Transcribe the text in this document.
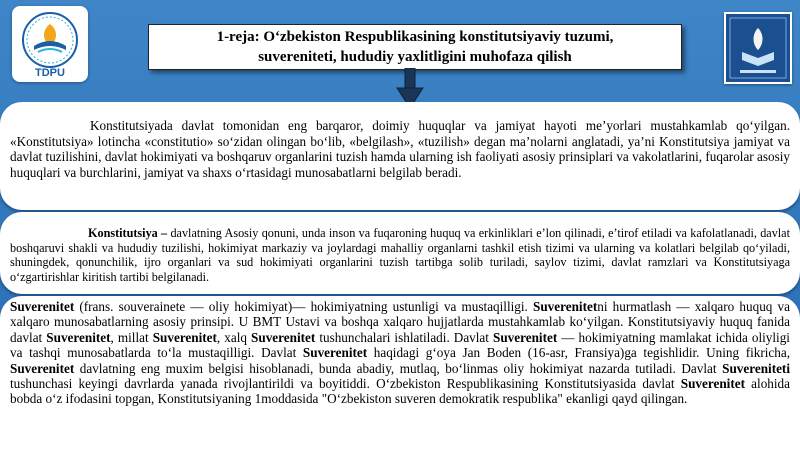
TDPU
1-reja: O‘zbekiston Respublikasining konstitutsiyaviy tuzumi,
suvereniteti, hududiy yaxlitligini muhofaza qilish

Konstitutsiyada davlat tomonidan eng barqaror, doimiy huquqlar va jamiyat hayoti me’yorlari mustahkamlab qo‘yilgan. «Konstitutsiya» lotincha «constitutio» so‘zidan olingan bo‘lib, «belgilash», «tuzilish» degan ma’nolarni anglatadi, ya’ni Konstitutsiya jamiyat va davlat tuzilishini, davlat hokimiyati va boshqaruv organlarini tuzish hamda ularning ish faoliyati asosiy prinsiplari va vakolatlarini, fuqarolar asosiy huquqlari va burchlarini, jamiyat va shaxs o‘rtasidagi munosabatlarni belgilab beradi.

Konstitutsiya – davlatning Asosiy qonuni, unda inson va fuqaroning huquq va erkinliklari e’lon qilinadi, e’tirof etiladi va kafolatlanadi, davlat boshqaruvi shakli va hududiy tuzilishi, hokimiyat markaziy va joylardagi mahalliy organlarni tashkil etish tizimi va ularning va kolatlari belgilab qo‘yiladi, shuningdek, qonunchilik, ijro organlari va sud hokimiyati organlarini tuzish tartibga solib turiladi, saylov tizimi, davlat ramzlari va Konstitutsiyaga o‘zgartirishlar kiritish tartibi belgilanadi.

Suverenitet (frans. souverainete — oliy hokimiyat)— hokimiyatning ustunligi va mustaqilligi. Suverenitetni hurmatlash — xalqaro huquq va xalqaro munosabatlarning asosiy prinsipi. U BMT Ustavi va boshqa xalqaro hujjatlarda mustahkamlab ko‘yilgan. Konstitutsiyaviy huquq fanida davlat Suverenitet, millat Suverenitet, xalq Suverenitet tushunchalari ishlatiladi. Davlat Suverenitet — hokimiyatning mamlakat ichida oliyligi va tashqi munosabatlarda to‘la mustaqilligi. Davlat Suverenitet haqidagi g‘oya Jan Boden (16-asr, Fransiya)ga tegishlidir. Uning fikricha, Suverenitet davlatning eng muxim belgisi hisoblanadi, bunda abadiy, mutlaq, bo‘linmas oliy hokimiyat nazarda tutiladi. Davlat Suvereniteti tushunchasi keyingi davrlarda yanada rivojlantirildi va boyitiddi. O‘zbekiston Respublikasining Konstitutsiyasida davlat Suverenitet alohida bobda o‘z ifodasini topgan, Konstitutsiyaning 1moddasida "O‘zbekiston suveren demokratik respublika" ekanligi qayd qilingan.
